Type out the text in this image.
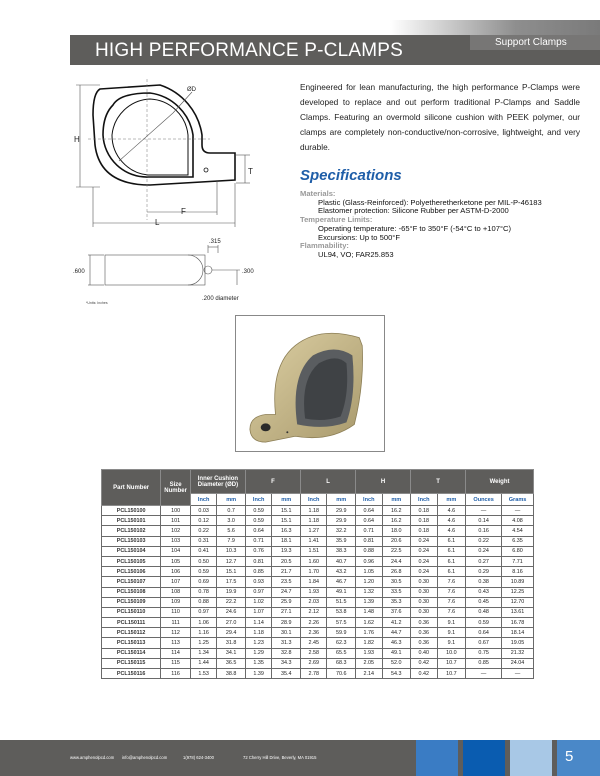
HIGH PERFORMANCE P-CLAMPS	Support Clamps
H
T
F
L
ØD
.315
.600	.300
.200 diameter
*Units: Inches

Engineered for lean manufacturing, the high performance P-Clamps were developed to replace and out perform traditional P-Clamps and Saddle Clamps. Featuring an overmold silicone cushion with PEEK polymer, our clamps are completely non-conductive/non-corrosive, lightweight, and very durable.

Specifications
Materials:
Plastic (Glass-Reinforced): Polyetheretherketone per MIL-P-46183
Elastomer protection: Silicone Rubber per ASTM-D-2000
Temperature Limits:
Operating temperature: -65°F to 350°F (-54°C to +107°C)
Excursions: Up to 500°F
Flammability:
UL94, VO; FAR25.853
Part Number	Size Number	Inner Cushion Diameter (ØD)		F		L		H		T		Weight	
		Inch	mm	Inch	mm	Inch	mm	Inch	mm	Inch	mm	Ounces	Grams
PCL150100	100	0.03	0.7	0.59	15.1	1.18	29.9	0.64	16.2	0.18	4.6	—	—
PCL150101	101	0.12	3.0	0.59	15.1	1.18	29.9	0.64	16.2	0.18	4.6	0.14	4.08
PCL150102	102	0.22	5.6	0.64	16.3	1.27	32.2	0.71	18.0	0.18	4.6	0.16	4.54
PCL150103	103	0.31	7.9	0.71	18.1	1.41	35.9	0.81	20.6	0.24	6.1	0.22	6.35
PCL150104	104	0.41	10.3	0.76	19.3	1.51	38.3	0.88	22.5	0.24	6.1	0.24	6.80
PCL150105	105	0.50	12.7	0.81	20.5	1.60	40.7	0.96	24.4	0.24	6.1	0.27	7.71
PCL150106	106	0.59	15.1	0.85	21.7	1.70	43.2	1.05	26.8	0.24	6.1	0.29	8.16
PCL150107	107	0.69	17.5	0.93	23.5	1.84	46.7	1.20	30.5	0.30	7.6	0.38	10.89
PCL150108	108	0.78	19.9	0.97	24.7	1.93	49.1	1.32	33.5	0.30	7.6	0.43	12.25
PCL150109	109	0.88	22.2	1.02	25.9	2.03	51.5	1.39	35.3	0.30	7.6	0.45	12.70
PCL150110	110	0.97	24.6	1.07	27.1	2.12	53.8	1.48	37.6	0.30	7.6	0.48	13.61
PCL150111	111	1.06	27.0	1.14	28.9	2.26	57.5	1.62	41.2	0.36	9.1	0.59	16.78
PCL150112	112	1.16	29.4	1.18	30.1	2.36	59.9	1.76	44.7	0.36	9.1	0.64	18.14
PCL150113	113	1.25	31.8	1.23	31.3	2.45	62.3	1.82	46.3	0.36	9.1	0.67	19.05
PCL150114	114	1.34	34.1	1.29	32.8	2.58	65.5	1.93	49.1	0.40	10.0	0.75	21.32
PCL150115	115	1.44	36.5	1.35	34.3	2.69	68.3	2.05	52.0	0.42	10.7	0.85	24.04
PCL150116	116	1.53	38.8	1.39	35.4	2.78	70.6	2.14	54.3	0.42	10.7	—	—
www.amphenolpcd.com info@amphenolpcd.com	1(978) 624-3400	72 Cherry Hill Drive, Beverly, MA 01915	5
